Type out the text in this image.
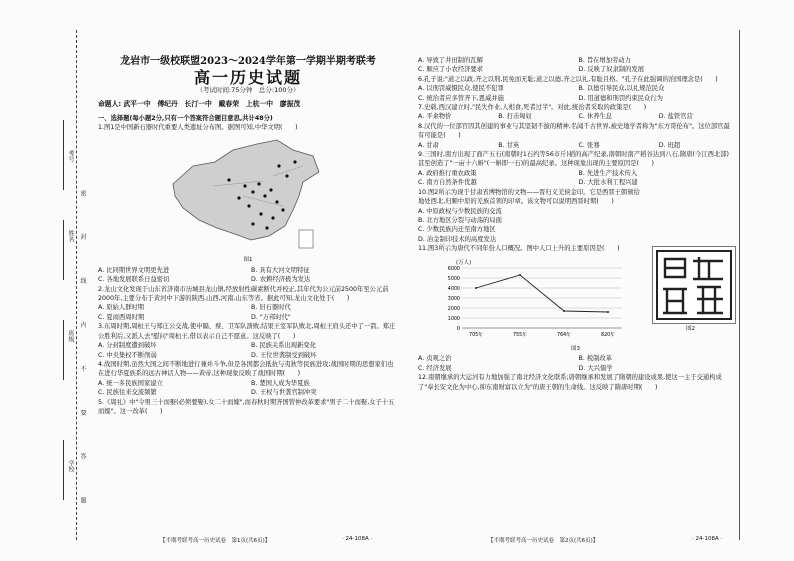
考号
姓名
班级
学校 密 封 线 内 不 要 答 题
龙岩市一级校联盟2023～2024学年第一学期半期考联考
高一历史试题
（考试时间:75分钟　总分:100分）
命题人: 武平一中　傅纪丹　长汀一中　戴春荣　上杭一中　廖振茂
一、选择题(每小题2分,只有一个答案符合题目意思,共计48分)

1.图1是中国新石器时代重要人类遗址分布图。据图可知,中华文明(　　)

图1
A. 比同期世界文明更先进	B. 具有大河文明特征
C. 各地发展联系日益密切	D. 农耕经济极为发达

2.龙山文化发现于山东省济南市历城县龙山镇,经放射性碳素断代并校正,其年代为公元前2500年至公元前2000年,主要分布于黄河中下游的陕西,山西,河南,山东等省。据此可知,龙山文化处于(　　)

A. 原始人群时期	B. 旧石器时代
C. 夏商西周时期	D. "万邦时代"

3.东周时期,周桓王与郑庄公交战,使申隔、蔡、卫军队溃败,结果王室军队败北,周桓王肩头还中了一箭。郑庄公胜利后,又派人去"慰问"周桓王,借以表示自己不愿意。这反映了(　　)

A. 分封制度遭到破坏	B. 民族关系出现新变化
C. 中央集权不断削弱	D. 王位世袭制受到破坏

4.战国时期,虽然大国之间不断地进行兼并斗争,但是各国都会抵抗与夷狄等民族进攻;战国时期的思想家们也在进行华夏族系的远古神话人物——黄帝,这种现象反映了战国时期(　　)

A. 统一多民族国家建立	B. 楚国人成为华夏族
C. 民族往来交流频繁	D. 王权与世袭官制冲突

5.《周礼》中"令男三十而娶(必须要娶),女二十而嫁",而春秋时期齐国管仲改革要求"男子二十而娶,女子十五而嫁"。这一改革(　　)

【半期考联考高一历史试卷　第1页(共6页)】	· 24-108A ·
A. 导致了井田制的瓦解	B. 旨在增加劳动力
C. 顺应了小农经济要求	D. 反映了奴隶制的发展

6.孔子说:"道之以政,齐之以刑,民免而无耻;道之以德,齐之以礼,有耻且格。"孔子在此强调的治国理念是(　　)

A. 以刑罚威慑民众,使民不犯罪	B. 以德引导民众,以礼规范民众
C. 统治者应多管齐下,恩威并施	D. 用道德和刑罚约束民众行为

7.史载,西汉建立时,"民失作业,人相食,死者过半"。对此,统治者采取的政策是(　　)

A. 平籴物价	B. 打击匈奴	C. 休养生息	D. 盐铁官营

8.汉代的一位部官因其创建的事业与其坚韧不拔的精神,名闻千古世界,被史地学者称为"东方哥伦布"。这位部官最有可能是(　　)

A. 甘肃	B. 甘英	C. 张骞	D. 班超

9.三国时,南方出现了面产五石(南朝时1石约等56市斤)稻的高产纪录,南朝时南产稻谷达到八石,隋唐(今江西北部)甚至创造了"一亩十六斛"(一斛即一石)的最高纪录。这种现象出现的主要原因是(　　)

A. 政府推行重农政策	B. 先进生产技术传入
C. 南方自然条件优越	D. 大批水利工程兴建

10.图2所示为现于甘肃省博物馆的文物——晋归义羌侯金印。它是西晋王朝颁给地处西北,归顺中原的羌族首领的印章。该文物可以说明西晋时期(　　)

A. 中原政权与少数民族的交流
B. 北方地区分裂与动荡的局面
C. 少数民族内迁至南方地区
D. 冶金制印技术的高度发达

11.图3所示为唐代不同年份人口概况。图中人口上升的主要原因是(　　)

(万人)
0
1000
2000
3000
4000
5000
6000
705年	755年	764年	820年
图3
A. 贞观之治	B. 税制改革
C. 经济发展	D. 大兴儒学

12.南朝继承的大运河有力地加强了南北经济文化联系;唐朝继承和发展了隋朝的建设成果,使这一主于交通构成了"奉长安文化为中心,抑东南财富以立为"的唐王朝的生命线。这反映了隋唐时期(　　)

图2
【半期考联考高一历史试卷　第2页(共6页)】	· 24-108A ·
